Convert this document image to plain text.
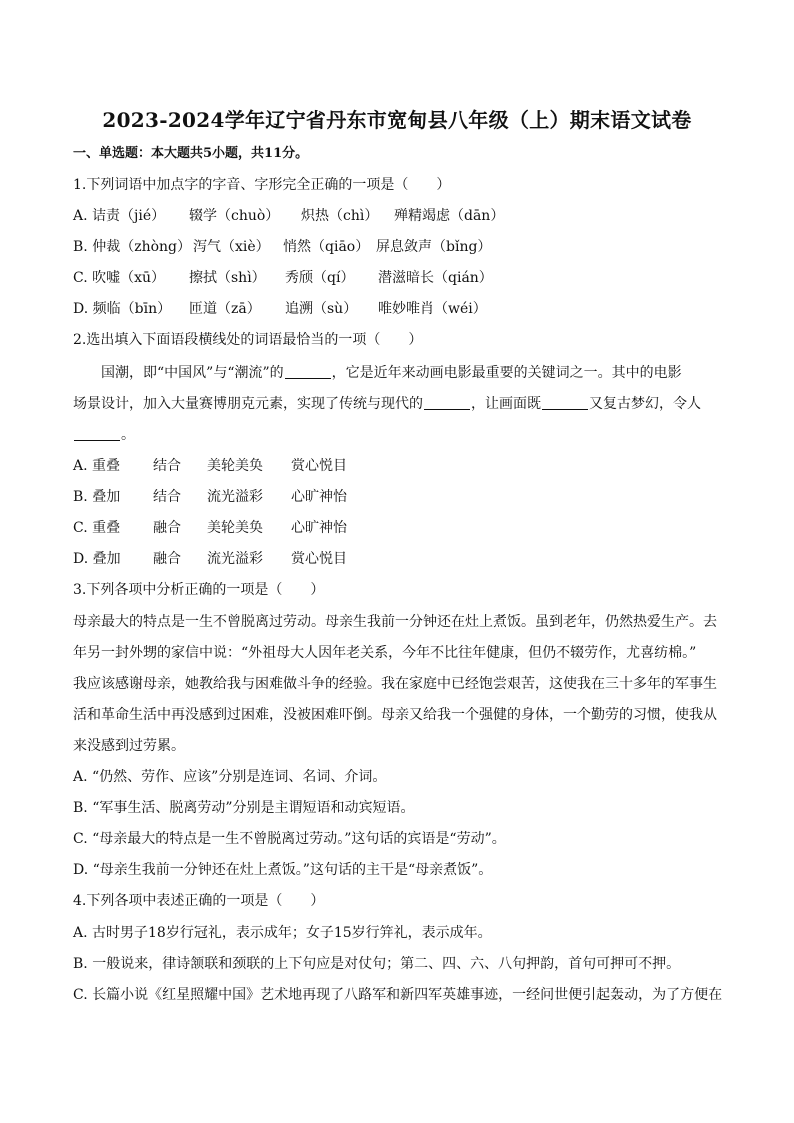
2023-2024学年辽宁省丹东市宽甸县八年级（上）期末语文试卷
一、单选题：本大题共5小题，共11分。
1.下列词语中加点字的字音、字形完全正确的一项是（　　）
A. 诘责（jié） 辍学（chuò） 炽热（chì） 殚精竭虑（dān）
B. 仲裁（zhòng） 泻气（xiè） 悄然（qiāo） 屏息敛声（bǐng）
C. 吹嘘（xū） 擦拭（shì） 秀颀（qí） 潜滋暗长（qián）
D. 频临（bīn） 匝道（zā） 追溯（sù） 唯妙唯肖（wéi）
2.选出填入下面语段横线处的词语最恰当的一项（　　）
国潮，即“中国风”与“潮流”的	，它是近年来动画电影最重要的关键词之一。其中的电影
场景设计，加入大量赛博朋克元素，实现了传统与现代的	，让画面既	又复古梦幻，令人
。
A. 重叠 结合 美轮美奂 赏心悦目
B. 叠加 结合 流光溢彩 心旷神怡
C. 重叠 融合 美轮美奂 心旷神怡
D. 叠加 融合 流光溢彩 赏心悦目
3.下列各项中分析正确的一项是（　　）
母亲最大的特点是一生不曾脱离过劳动。母亲生我前一分钟还在灶上煮饭。虽到老年，仍然热爱生产。去
年另一封外甥的家信中说：“外祖母大人因年老关系，今年不比往年健康，但仍不辍劳作，尤喜纺棉。”
我应该感谢母亲，她教给我与困难做斗争的经验。我在家庭中已经饱尝艰苦，这使我在三十多年的军事生
活和革命生活中再没感到过困难，没被困难吓倒。母亲又给我一个强健的身体，一个勤劳的习惯，使我从
来没感到过劳累。
A. “仍然、劳作、应该”分别是连词、名词、介词。
B. “军事生活、脱离劳动”分别是主谓短语和动宾短语。
C. “母亲最大的特点是一生不曾脱离过劳动。”这句话的宾语是“劳动”。
D. “母亲生我前一分钟还在灶上煮饭。”这句话的主干是“母亲煮饭”。
4.下列各项中表述正确的一项是（　　）
A. 古时男子18岁行冠礼，表示成年；女子15岁行笄礼，表示成年。
B. 一般说来，律诗颔联和颈联的上下句应是对仗句；第二、四、六、八句押韵，首句可押可不押。
C. 长篇小说《红星照耀中国》艺术地再现了八路军和新四军英雄事迹，一经问世便引起轰动，为了方便在
